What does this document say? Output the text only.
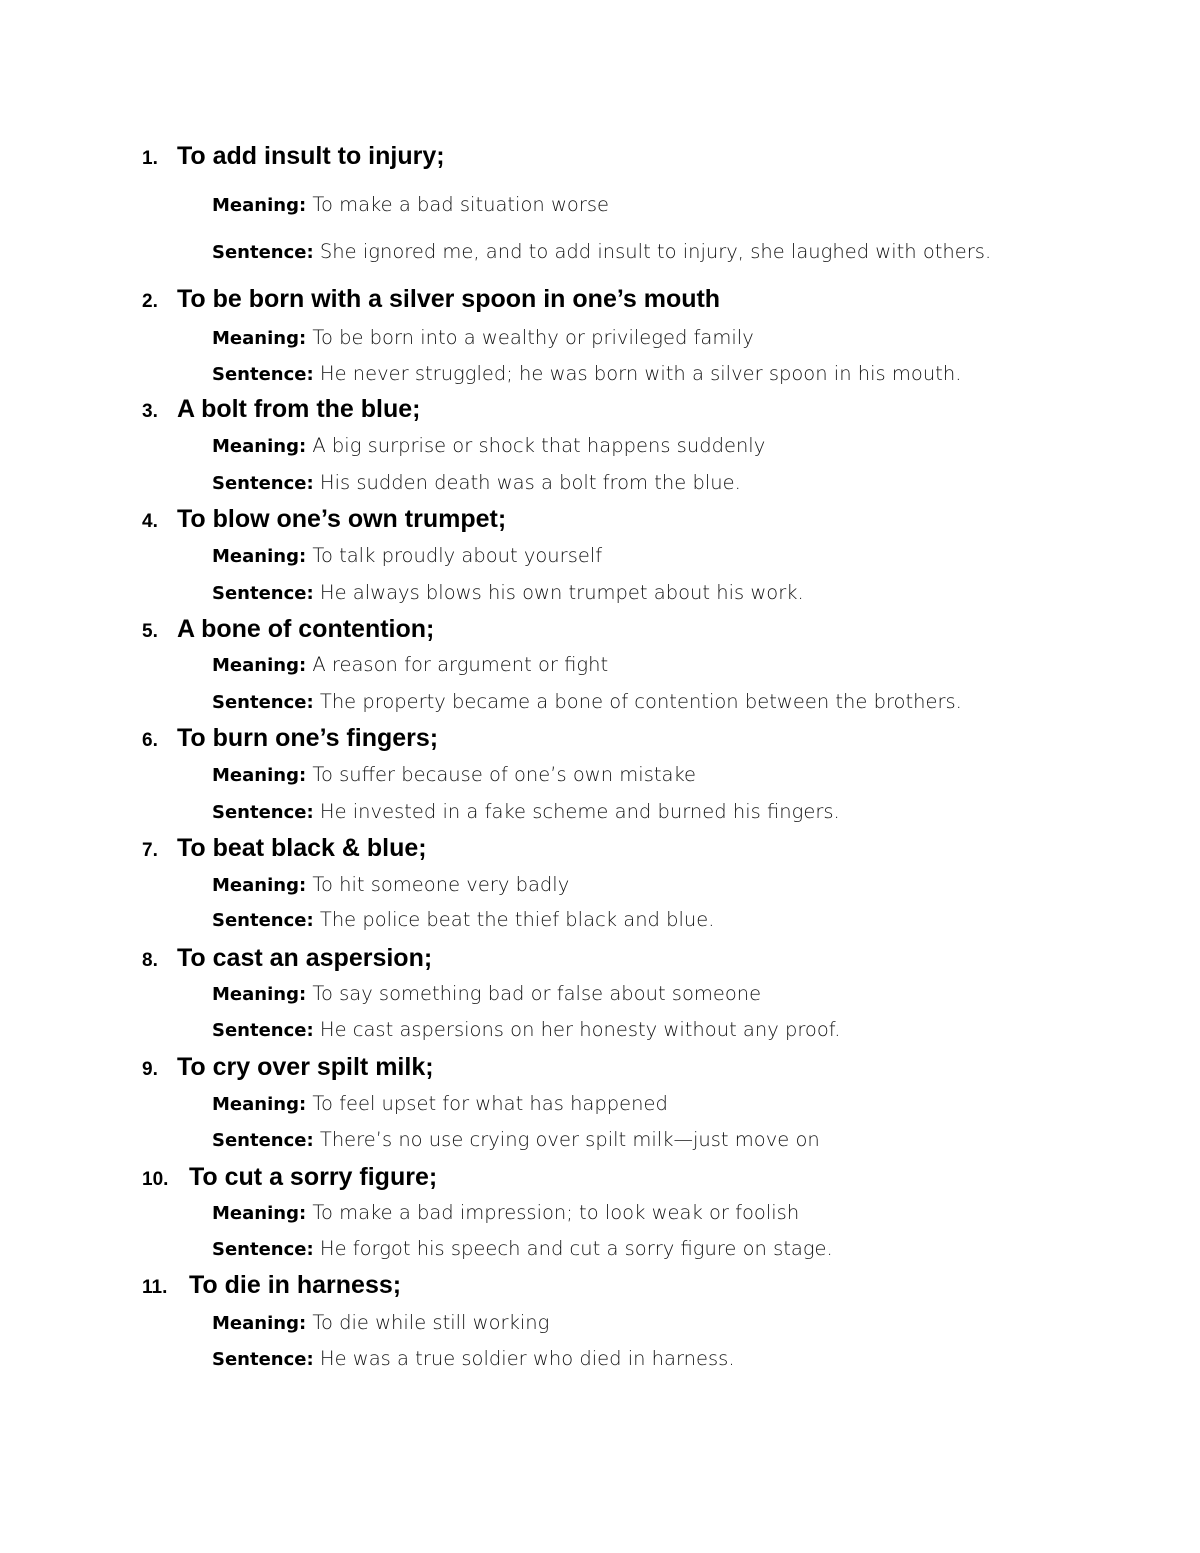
1. To add insult to injury;
Meaning: To make a bad situation worse
Sentence: She ignored me, and to add insult to injury, she laughed with others.
2. To be born with a silver spoon in one’s mouth
Meaning: To be born into a wealthy or privileged family
Sentence: He never struggled; he was born with a silver spoon in his mouth.
3. A bolt from the blue;
Meaning: A big surprise or shock that happens suddenly
Sentence: His sudden death was a bolt from the blue.
4. To blow one’s own trumpet;
Meaning: To talk proudly about yourself
Sentence: He always blows his own trumpet about his work.
5. A bone of contention;
Meaning: A reason for argument or fight
Sentence: The property became a bone of contention between the brothers.
6. To burn one’s fingers;
Meaning: To suffer because of one’s own mistake
Sentence: He invested in a fake scheme and burned his fingers.
7. To beat black & blue;
Meaning: To hit someone very badly
Sentence: The police beat the thief black and blue.
8. To cast an aspersion;
Meaning: To say something bad or false about someone
Sentence: He cast aspersions on her honesty without any proof.
9. To cry over spilt milk;
Meaning: To feel upset for what has happened
Sentence: There’s no use crying over spilt milk—just move on
10. To cut a sorry figure;
Meaning: To make a bad impression; to look weak or foolish
Sentence: He forgot his speech and cut a sorry figure on stage.
11. To die in harness;
Meaning: To die while still working
Sentence: He was a true soldier who died in harness.
